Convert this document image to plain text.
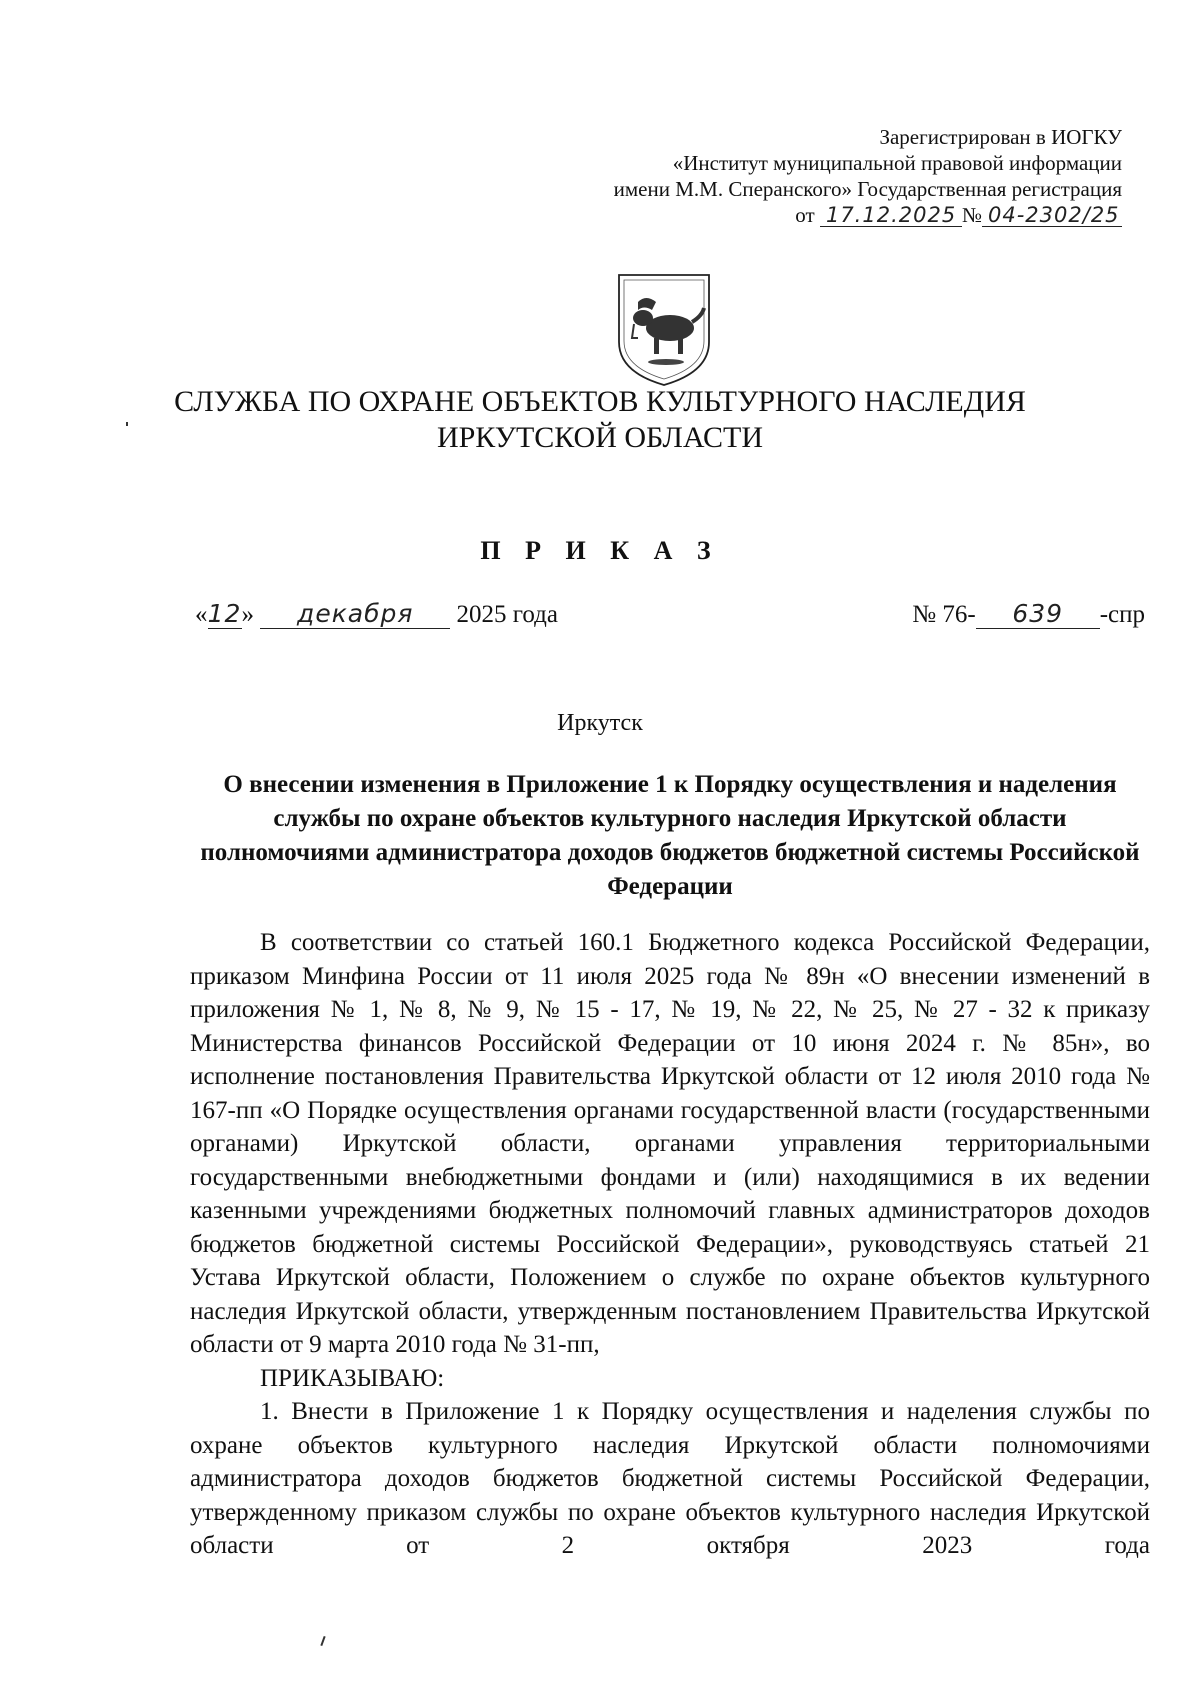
Зарегистрирован в ИОГКУ
«Институт муниципальной правовой информации
имени М.М. Сперанского» Государственная регистрация
от 17.12.2025 № 04-2302/25
СЛУЖБА ПО ОХРАНЕ ОБЪЕКТОВ КУЛЬТУРНОГО НАСЛЕДИЯ
ИРКУТСКОЙ ОБЛАСТИ
П Р И К А З
«12» декабря 2025 года	№ 76- 639 -спр
Иркутск
О внесении изменения в Приложение 1 к Порядку осуществления и наделения службы по охране объектов культурного наследия Иркутской области полномочиями администратора доходов бюджетов бюджетной системы Российской Федерации

В соответствии со статьей 160.1 Бюджетного кодекса Российской Федерации, приказом Минфина России от 11 июля 2025 года № 89н «О внесении изменений в приложения № 1, № 8, № 9, № 15 - 17, № 19, № 22, № 25, № 27 - 32 к приказу Министерства финансов Российской Федерации от 10 июня 2024 г. № 85н», во исполнение постановления Правительства Иркутской области от 12 июля 2010 года № 167-пп «О Порядке осуществления органами государственной власти (государственными органами) Иркутской области, органами управления территориальными государственными внебюджетными фондами и (или) находящимися в их ведении казенными учреждениями бюджетных полномочий главных администраторов доходов бюджетов бюджетной системы Российской Федерации», руководствуясь статьей 21 Устава Иркутской области, Положением о службе по охране объектов культурного наследия Иркутской области, утвержденным постановлением Правительства Иркутской области от 9 марта 2010 года № 31-пп,

ПРИКАЗЫВАЮ:

1. Внести в Приложение 1 к Порядку осуществления и наделения службы по охране объектов культурного наследия Иркутской области полномочиями администратора доходов бюджетов бюджетной системы Российской Федерации, утвержденному приказом службы по охране объектов культурного наследия Иркутской области от 2 октября 2023 года
